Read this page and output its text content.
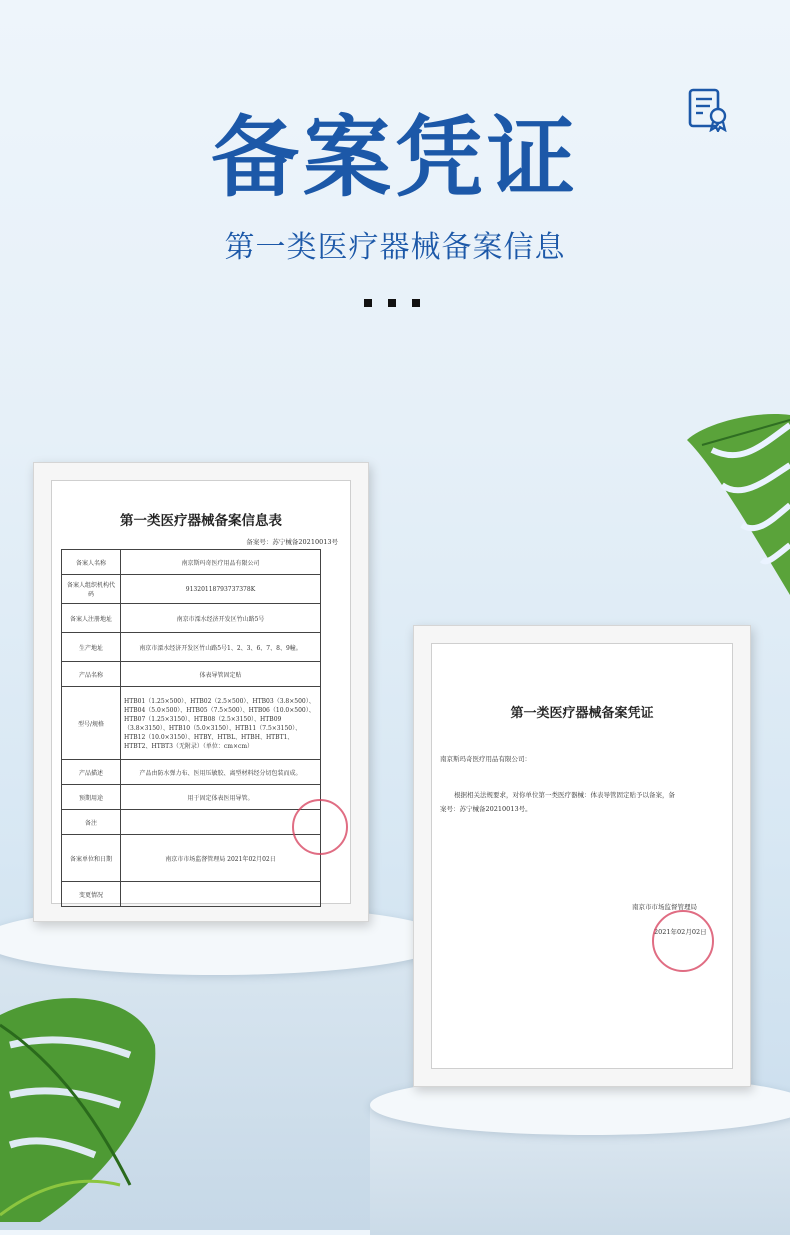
备案凭证
第一类医疗器械备案信息
第一类医疗器械备案信息表
备案号：苏宁械备20210013号
备案人名称	南京斯玛奇医疗用品有限公司
备案人组织机构代码	91320118793737378K
备案人注册地址	南京市溧水经济开发区竹山路5号
生产地址	南京市溧水经济开发区竹山路5号1、2、3、6、7、8、9幢。
产品名称	体表导管固定贴
型号/规格	HTB01（1.25×500）、HTB02（2.5×500）、HTB03（3.8×500）、HTB04（5.0×500）、HTB05（7.5×500）、HTB06（10.0×500）、HTB07（1.25×3150）、HTB08（2.5×3150）、HTB09（3.8×3150）、HTB10（5.0×3150）、HTB11（7.5×3150）、HTB12（10.0×3150）、HTBY、HTBL、HTBH、HTBT1、HTBT2、HTBT3（无附录）（单位：cm×cm）
产品描述	产品由防水弹力布、医用压敏胶、离型材料经分切包装而成。
预期用途	用于固定体表医用导管。
备注	
备案单位和日期	南京市市场监督管理局 2021年02月02日
变更情况	
第一类医疗器械备案凭证
南京斯玛奇医疗用品有限公司：
根据相关法规要求，对你单位第一类医疗器械：体表导管固定贴予以备案，备
案号：苏宁械备20210013号。
南京市市场监督管理局
2021年02月02日
